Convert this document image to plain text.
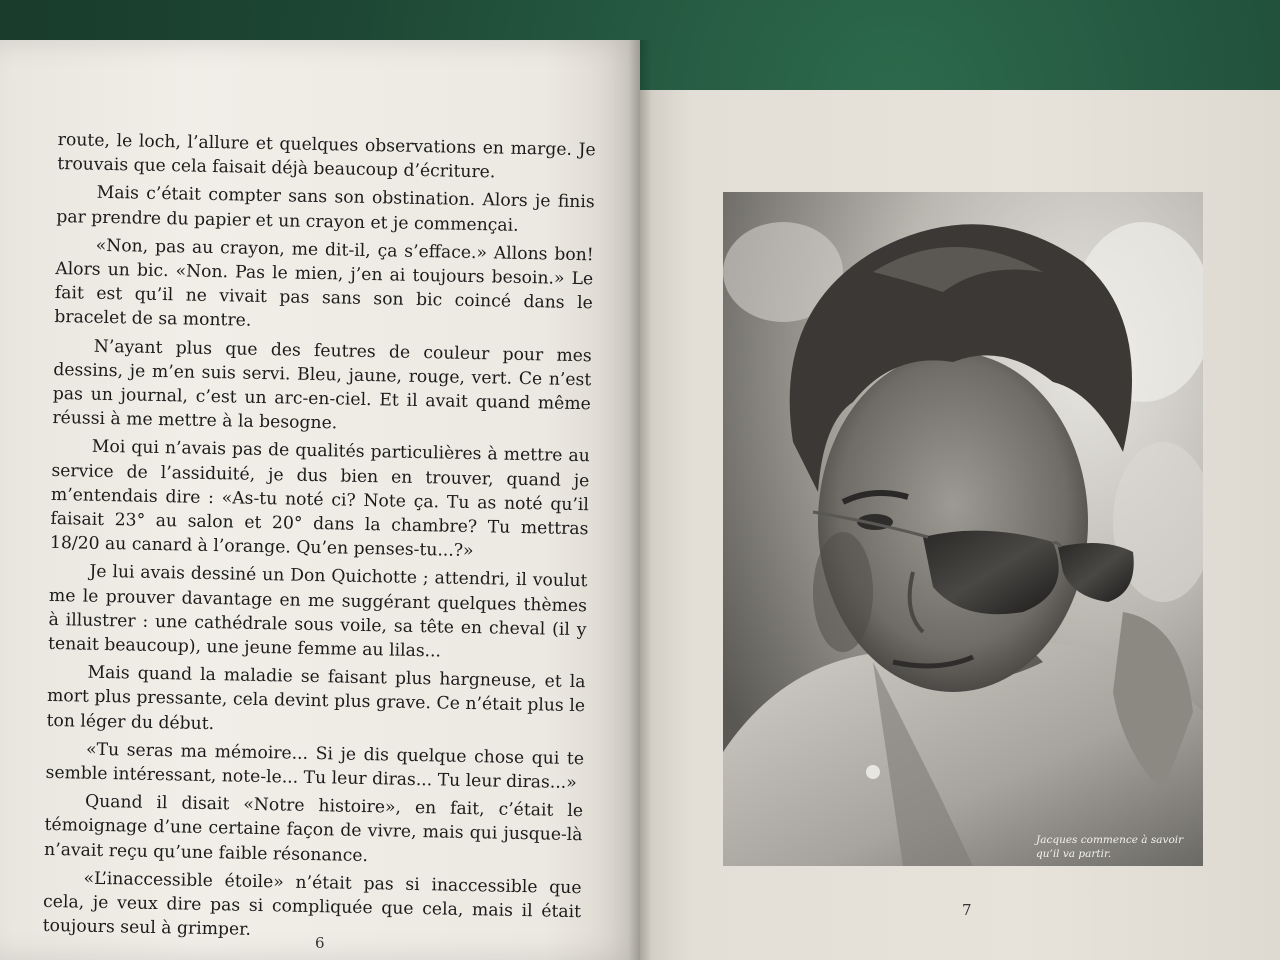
route, le loch, l’allure et quelques observations en marge. Je trouvais que cela faisait déjà beaucoup d’écriture.

Mais c’était compter sans son obstination. Alors je finis par prendre du papier et un crayon et je commençai.

«Non, pas au crayon, me dit-il, ça s’efface.» Allons bon! Alors un bic. «Non. Pas le mien, j’en ai toujours besoin.» Le fait est qu’il ne vivait pas sans son bic coincé dans le bracelet de sa montre.

N’ayant plus que des feutres de couleur pour mes dessins, je m’en suis servi. Bleu, jaune, rouge, vert. Ce n’est pas un journal, c’est un arc-en-ciel. Et il avait quand même réussi à me mettre à la besogne.

Moi qui n’avais pas de qualités particulières à mettre au service de l’assiduité, je dus bien en trouver, quand je m’entendais dire : «As-tu noté ci? Note ça. Tu as noté qu’il faisait 23° au salon et 20° dans la chambre? Tu mettras 18/20 au canard à l’orange. Qu’en penses-tu...?»

Je lui avais dessiné un Don Quichotte ; attendri, il voulut me le prouver davantage en me suggérant quelques thèmes à illustrer : une cathédrale sous voile, sa tête en cheval (il y tenait beaucoup), une jeune femme au lilas...

Mais quand la maladie se faisant plus hargneuse, et la mort plus pressante, cela devint plus grave. Ce n’était plus le ton léger du début.

«Tu seras ma mémoire... Si je dis quelque chose qui te semble intéressant, note-le... Tu leur diras... Tu leur diras...»

Quand il disait «Notre histoire», en fait, c’était le témoignage d’une certaine façon de vivre, mais qui jusque-là n’avait reçu qu’une faible résonance.

«L’inaccessible étoile» n’était pas si inaccessible que cela, je veux dire pas si compliquée que cela, mais il était toujours seul à grimper.

6
Jacques commence à savoir qu’il va partir.
7
